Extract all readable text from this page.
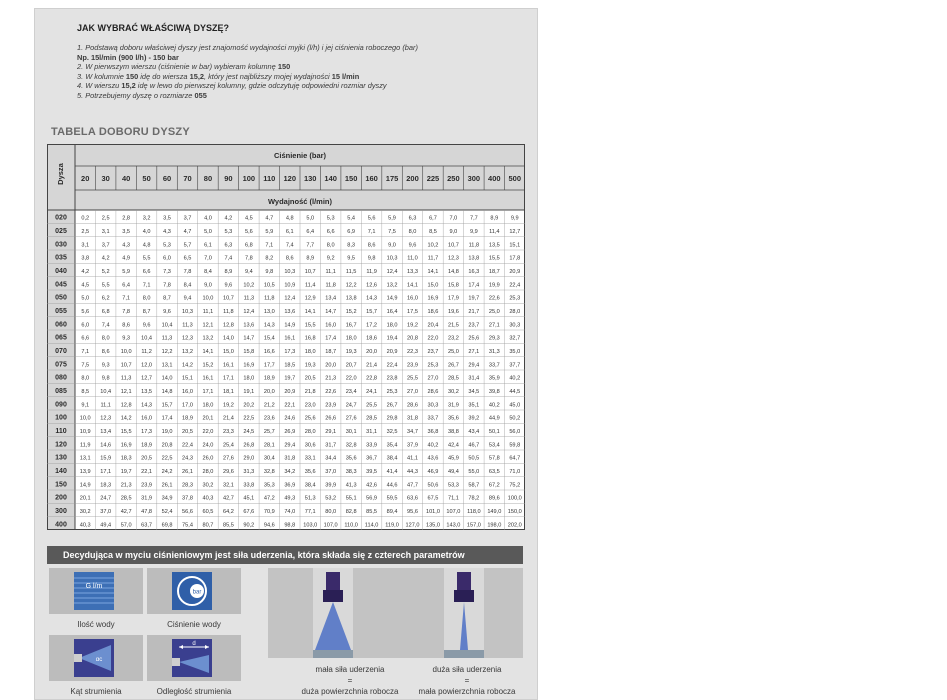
JAK WYBRAĆ WŁAŚCIWĄ DYSZĘ?
1. Podstawą doboru właściwej dyszy jest znajomość wydajności myjki (l/h) i jej ciśnienia roboczego (bar)
Np. 15l/min (900 l/h) - 150 bar
2. W pierwszym wierszu (ciśnienie w bar) wybieram kolumnę 150
3. W kolumnie 150 idę do wiersza 15,2, który jest najbliższy mojej wydajności 15 l/min
4. W wierszu 15,2 idę w lewo do pierwszej kolumny, gdzie odczytuję odpowiedni rozmiar dyszy
5. Potrzebujemy dyszę o rozmiarze 055
TABELA DOBORU DYSZY
Ciśnienie (bar)
Wydajność (l/min)
Dysza 20 30 40 50 60 70 80 90 100 110 120 130 140 150 160 175 200 225 250 300 400 500
020	0,2 2,5 2,8 3,2 3,5 3,7 4,0 4,2 4,5 4,7 4,8 5,0 5,3 5,4 5,6 5,9 6,3 6,7 7,0 7,7 8,9 9,9
025	2,5 3,1 3,5 4,0 4,3 4,7 5,0 5,3 5,6 5,9 6,1 6,4 6,6 6,9 7,1 7,5 8,0 8,5 9,0 9,9 11,4 12,7
030	3,1 3,7 4,3 4,8 5,3 5,7 6,1 6,3 6,8 7,1 7,4 7,7 8,0 8,3 8,6 9,0 9,6 10,2 10,7 11,8 13,5 15,1
035	3,8 4,2 4,9 5,5 6,0 6,5 7,0 7,4 7,8 8,2 8,6 8,9 9,2 9,5 9,8 10,3 11,0 11,7 12,3 13,8 15,5 17,8
040	4,2 5,2 5,9 6,6 7,3 7,8 8,4 8,9 9,4 9,8 10,3 10,7 11,1 11,5 11,9 12,4 13,3 14,1 14,8 16,3 18,7 20,9
045	4,5 5,5 6,4 7,1 7,8 8,4 9,0 9,6 10,2 10,5 10,9 11,4 11,8 12,2 12,6 13,2 14,1 15,0 15,8 17,4 19,9 22,4
050	5,0 6,2 7,1 8,0 8,7 9,4 10,0 10,7 11,3 11,8 12,4 12,9 13,4 13,8 14,3 14,9 16,0 16,9 17,9 19,7 22,6 25,3
055	5,6 6,8 7,8 8,7 9,6 10,3 11,1 11,8 12,4 13,0 13,6 14,1 14,7 15,2 15,7 16,4 17,5 18,6 19,6 21,7 25,0 28,0
060	6,0 7,4 8,6 9,6 10,4 11,3 12,1 12,8 13,6 14,3 14,9 15,5 16,0 16,7 17,2 18,0 19,2 20,4 21,5 23,7 27,1 30,3
065	6,6 8,0 9,3 10,4 11,3 12,3 13,2 14,0 14,7 15,4 16,1 16,8 17,4 18,0 18,6 19,4 20,8 22,0 23,2 25,6 29,3 32,7
070	7,1 8,6 10,0 11,2 12,2 13,2 14,1 15,0 15,8 16,6 17,3 18,0 18,7 19,3 20,0 20,9 22,3 23,7 25,0 27,1 31,3 35,0
075	7,5 9,3 10,7 12,0 13,1 14,2 15,2 16,1 16,9 17,7 18,5 19,3 20,0 20,7 21,4 22,4 23,9 25,3 26,7 29,4 33,7 37,7
080	8,0 9,8 11,3 12,7 14,0 15,1 16,1 17,1 18,0 18,9 19,7 20,5 21,3 22,0 22,8 23,8 25,5 27,0 28,5 31,4 35,9 40,2
085	8,5 10,4 12,1 13,5 14,8 16,0 17,1 18,1 19,1 20,0 20,9 21,8 22,6 23,4 24,1 25,3 27,0 28,6 30,2 34,5 39,8 44,5
090	9,1 11,1 12,8 14,3 15,7 17,0 18,0 19,2 20,2 21,2 22,1 23,0 23,9 24,7 25,5 26,7 28,6 30,3 31,9 35,1 40,2 45,0
100 10,0 12,3 14,2 16,0 17,4 18,9 20,1 21,4 22,5 23,6 24,6 25,6 26,6 27,6 28,5 29,8 31,8 33,7 35,6 39,2 44,9 50,2
110 10,9 13,4 15,5 17,3 19,0 20,5 22,0 23,3 24,5 25,7 26,9 28,0 29,1 30,1 31,1 32,5 34,7 36,8 38,8 43,4 50,1 56,0
120 11,9 14,6 16,9 18,9 20,8 22,4 24,0 25,4 26,8 28,1 29,4 30,6 31,7 32,8 33,9 35,4 37,9 40,2 42,4 46,7 53,4 59,8
130 13,1 15,9 18,3 20,5 22,5 24,3 26,0 27,6 29,0 30,4 31,8 33,1 34,4 35,6 36,7 38,4 41,1 43,6 45,9 50,5 57,8 64,7
140 13,9 17,1 19,7 22,1 24,2 26,1 28,0 29,6 31,3 32,8 34,2 35,6 37,0 38,3 39,5 41,4 44,3 46,9 49,4 55,0 63,5 71,0
150 14,9 18,3 21,3 23,9 26,1 28,3 30,2 32,1 33,8 35,3 36,9 38,4 39,9 41,3 42,6 44,6 47,7 50,6 53,3 58,7 67,2 75,2
200 20,1 24,7 28,5 31,9 34,9 37,8 40,3 42,7 45,1 47,2 49,3 51,3 53,2 55,1 56,9 59,5 63,6 67,5 71,1 78,2 89,6 100,0
300 30,2 37,0 42,7 47,8 52,4 56,6 60,5 64,2 67,6 70,9 74,0 77,1 80,0 82,8 85,5 89,4 95,6 101,0 107,0 118,0 149,0 150,0
400 40,3 49,4 57,0 63,7 69,8 75,4 80,7 85,5 90,2 94,6 98,8 103,0 107,0 110,0 114,0 119,0 127,0 135,0 143,0 157,0 198,0 202,0
Decydująca w myciu ciśnieniowym jest siła uderzenia, która składa się z czterech parametrów
G l/m
Ilość wody
bar
Ciśnienie wody
αc
Kąt strumienia
d
Odległość strumienia
mała siła uderzenia
=
duża powierzchnia robocza
duża siła uderzenia
=
mała powierzchnia robocza
